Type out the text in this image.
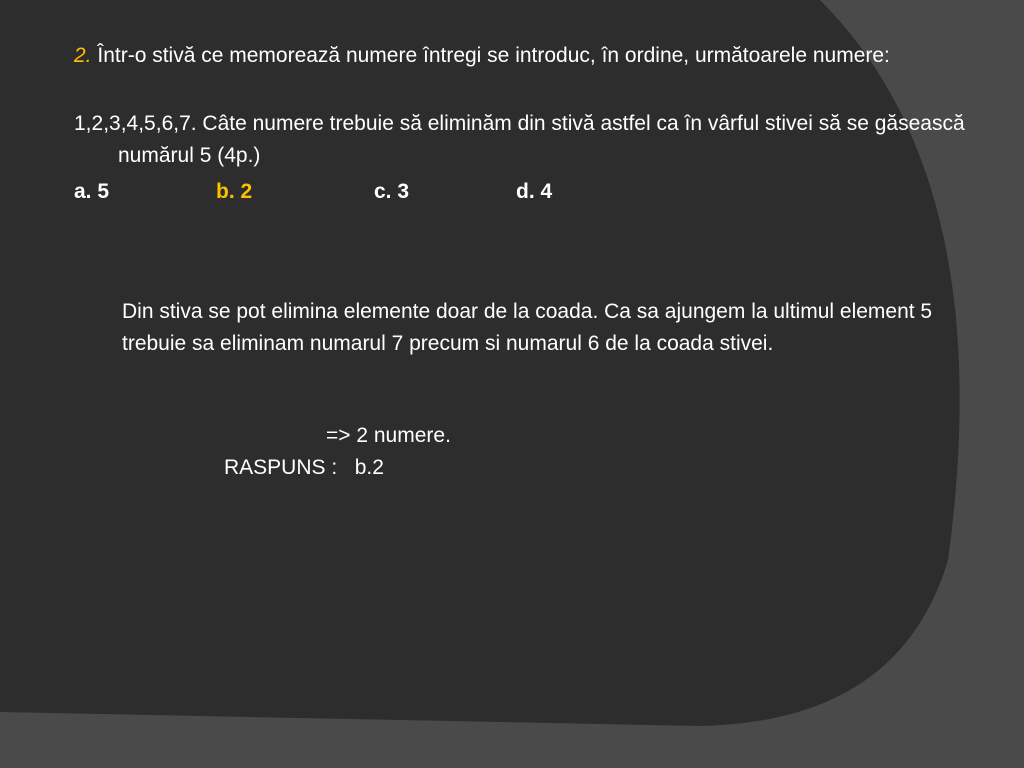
2. Într-o stivă ce memorează numere întregi se introduc, în ordine, următoarele numere:

1,2,3,4,5,6,7. Câte numere trebuie să eliminăm din stivă astfel ca în vârful stivei să se găsească numărul 5 (4p.)

a. 5	b. 2	c. 3	d. 4

Din stiva se pot elimina elemente doar de la coada. Ca sa ajungem la ultimul element 5 trebuie sa eliminam numarul 7 precum si numarul 6 de la coada stivei.

=> 2 numere.
RASPUNS :   b.2
